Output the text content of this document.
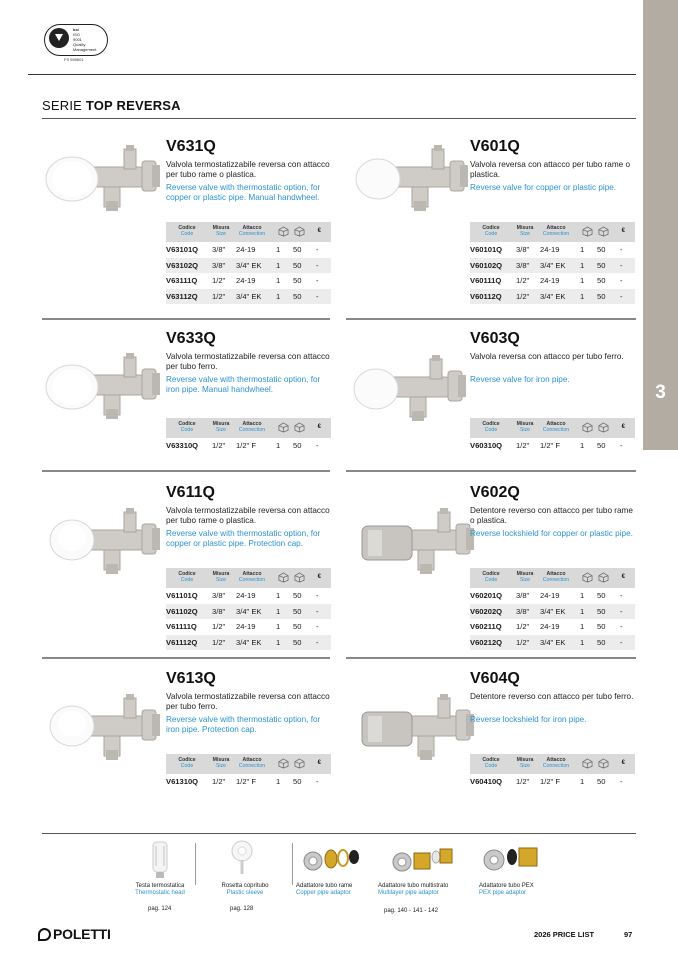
bsi
ISO
9001
Quality
Management
FS 559601
3
SERIE TOP REVERSA
V631Q
Valvola termostatizzabile reversa con attacco per tubo rame o plastica.
Reverse valve with thermostatic option, for copper or plastic pipe. Manual handwheel.
Codice
Code
Misura
Size
Attacco
Connection	€
V63101Q 3/8" 24-19	1 50 -
V63102Q 3/8" 3/4" EK 1 50 -
V63111Q 1/2" 24-19	1 50 -
V63112Q 1/2" 3/4" EK 1 50 -
V601Q
Valvola reversa con attacco per tubo rame o plastica.
Reverse valve for copper or plastic pipe.
Codice
Code
Misura
Size
Attacco
Connection	€
V60101Q 3/8" 24-19	1 50 -
V60102Q 3/8" 3/4" EK 1 50 -
V60111Q 1/2" 24-19	1 50 -
V60112Q 1/2" 3/4" EK 1 50 -
V633Q
Valvola termostatizzabile reversa con attacco per tubo ferro.
Reverse valve with thermostatic option, for iron pipe. Manual handwheel.
Codice
Code
Misura
Size
Attacco
Connection	€
V63310Q 1/2" 1/2" F	1 50 -
V603Q
Valvola reversa con attacco per tubo ferro.
Reverse valve for iron pipe.
Codice
Code
Misura
Size
Attacco
Connection	€
V60310Q 1/2" 1/2" F	1 50 -
V611Q
Valvola termostatizzabile reversa con attacco per tubo rame o plastica.
Reverse valve with thermostatic option, for copper or plastic pipe. Protection cap.
Codice
Code
Misura
Size
Attacco
Connection	€
V61101Q 3/8" 24-19	1 50 -
V61102Q 3/8" 3/4" EK 1 50 -
V61111Q 1/2" 24-19	1 50 -
V61112Q 1/2" 3/4" EK 1 50 -
V602Q
Detentore reverso con attacco per tubo rame o plastica.
Reverse lockshield for copper or plastic pipe.
Codice
Code
Misura
Size
Attacco
Connection	€
V60201Q 3/8" 24-19	1 50 -
V60202Q 3/8" 3/4" EK 1 50 -
V60211Q 1/2" 24-19	1 50 -
V60212Q 1/2" 3/4" EK 1 50 -
V613Q
Valvola termostatizzabile reversa con attacco per tubo ferro.
Reverse valve with thermostatic option, for iron pipe. Protection cap.
Codice
Code
Misura
Size
Attacco
Connection	€
V61310Q 1/2" 1/2" F	1 50 -
V604Q
Detentore reverso con attacco per tubo ferro.
Reverse lockshield for iron pipe.
Codice
Code
Misura
Size
Attacco
Connection	€
V60410Q 1/2" 1/2" F	1 50 -
Testa termostatica
Thermostatic head
pag. 124
Rosetta copritubo
Plastic sleeve
pag. 128
Adattatore tubo rame
Copper pipe adaptor
Adattatore tubo multistrato
Multilayer pipe adaptor
pag. 140 - 141 - 142
Adattatore tubo PEX
PEX pipe adaptor
POLETTI	2026 PRICE LIST	97
